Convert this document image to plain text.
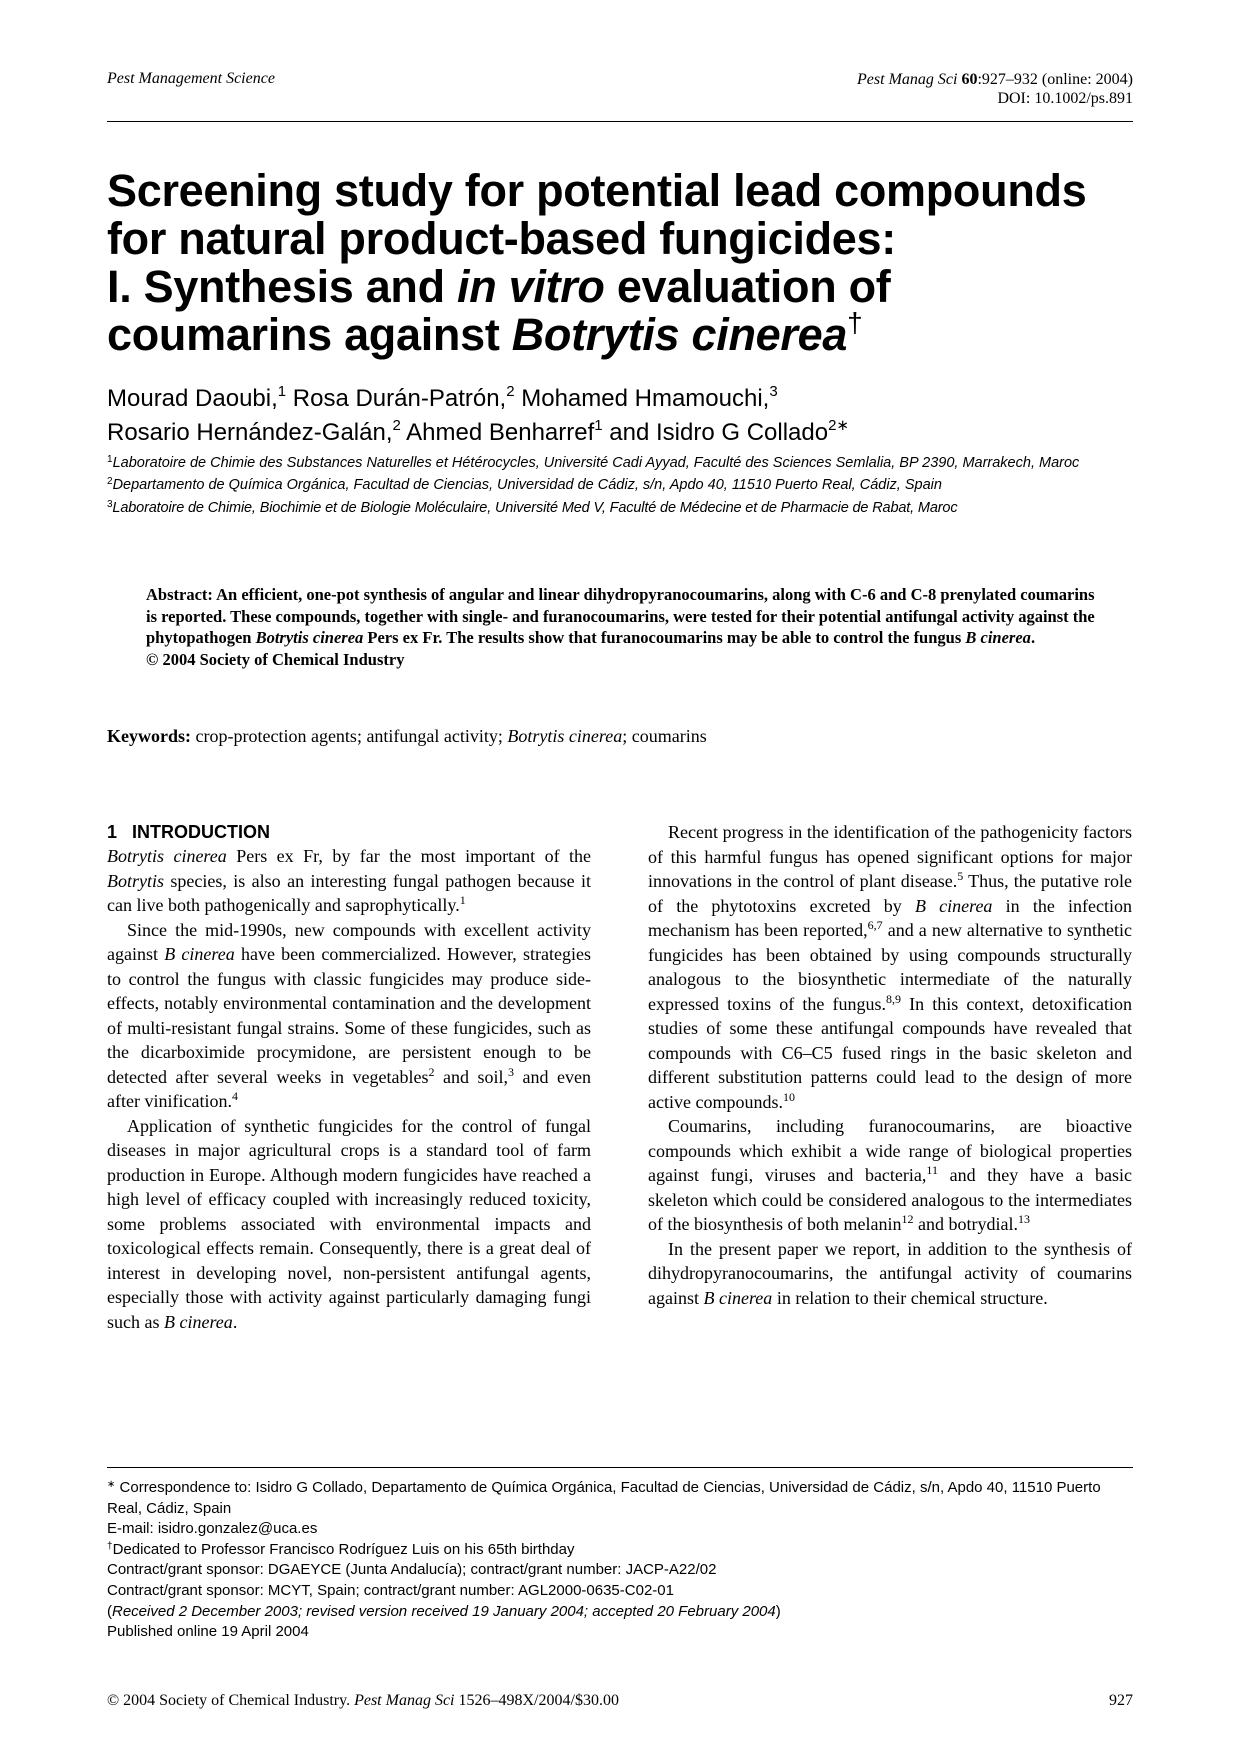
Pest Management Science	Pest Manag Sci 60:927–932 (online: 2004)
DOI: 10.1002/ps.891
Screening study for potential lead compounds
for natural product-based fungicides:
I. Synthesis and in vitro evaluation of
coumarins against Botrytis cinerea†
Mourad Daoubi,$^1$ Rosa Durán-Patrón,$^2$ Mohamed Hmamouchi,$^3$
Rosario Hernández-Galán,$^2$ Ahmed Benharref$^1$ and Isidro G Collado$^{2∗}$
$^1$Laboratoire de Chimie des Substances Naturelles et Hétérocycles, Université Cadi Ayyad, Faculté des Sciences Semlalia, BP 2390, Marrakech, Maroc
$^2$Departamento de Química Orgánica, Facultad de Ciencias, Universidad de Cádiz, s/n, Apdo 40, 11510 Puerto Real, Cádiz, Spain
$^3$Laboratoire de Chimie, Biochimie et de Biologie Moléculaire, Université Med V, Faculté de Médecine et de Pharmacie de Rabat, Maroc
Abstract: An efficient, one-pot synthesis of angular and linear dihydropyranocoumarins, along with C-6 and C-8 prenylated coumarins is reported. These compounds, together with single- and furanocoumarins, were tested for their potential antifungal activity against the phytopathogen Botrytis cinerea Pers ex Fr. The results show that furanocoumarins may be able to control the fungus B cinerea.
© 2004 Society of Chemical Industry
Keywords: crop-protection agents; antifungal activity; Botrytis cinerea; coumarins
1 INTRODUCTION

Botrytis cinerea Pers ex Fr, by far the most important of the Botrytis species, is also an interesting fungal pathogen because it can live both pathogenically and saprophytically.$^1$

Since the mid-1990s, new compounds with excellent activity against B cinerea have been commercialized. However, strategies to control the fungus with classic fungicides may produce side-effects, notably environmental contamination and the development of multi-resistant fungal strains. Some of these fungicides, such as the dicarboximide procymidone, are persistent enough to be detected after several weeks in vegetables$^2$ and soil,$^3$ and even after vinification.$^4$

Application of synthetic fungicides for the control of fungal diseases in major agricultural crops is a standard tool of farm production in Europe. Although modern fungicides have reached a high level of efficacy coupled with increasingly reduced toxicity, some problems associated with environmental impacts and toxicological effects remain. Consequently, there is a great deal of interest in developing novel, non-persistent antifungal agents, especially those with activity against particularly damaging fungi such as B cinerea.

Recent progress in the identification of the pathogenicity factors of this harmful fungus has opened significant options for major innovations in the control of plant disease.$^5$ Thus, the putative role of the phytotoxins excreted by B cinerea in the infection mechanism has been reported,$^{6,7}$ and a new alternative to synthetic fungicides has been obtained by using compounds structurally analogous to the biosynthetic intermediate of the naturally expressed toxins of the fungus.$^{8,9}$ In this context, detoxification studies of some these antifungal compounds have revealed that compounds with C6–C5 fused rings in the basic skeleton and different substitution patterns could lead to the design of more active compounds.$^{10}$

Coumarins, including furanocoumarins, are bioactive compounds which exhibit a wide range of biological properties against fungi, viruses and bacteria,$^{11}$ and they have a basic skeleton which could be considered analogous to the intermediates of the biosynthesis of both melanin$^{12}$ and botrydial.$^{13}$

In the present paper we report, in addition to the synthesis of dihydropyranocoumarins, the antifungal activity of coumarins against B cinerea in relation to their chemical structure.

∗ Correspondence to: Isidro G Collado, Departamento de Química Orgánica, Facultad de Ciencias, Universidad de Cádiz, s/n, Apdo 40, 11510 Puerto Real, Cádiz, Spain
E-mail: isidro.gonzalez@uca.es
†Dedicated to Professor Francisco Rodríguez Luis on his 65th birthday
Contract/grant sponsor: DGAEYCE (Junta Andalucía); contract/grant number: JACP-A22/02
Contract/grant sponsor: MCYT, Spain; contract/grant number: AGL2000-0635-C02-01
(Received 2 December 2003; revised version received 19 January 2004; accepted 20 February 2004)
Published online 19 April 2004
© 2004 Society of Chemical Industry. Pest Manag Sci 1526–498X/2004/$30.00	927
